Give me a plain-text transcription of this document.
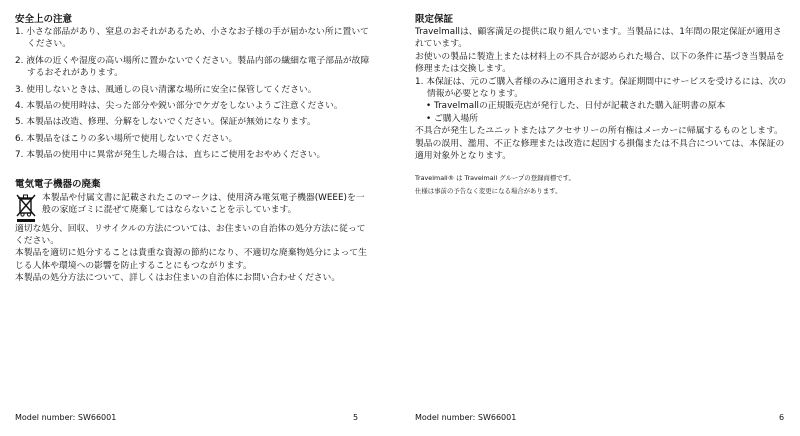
安全上の注意

1. 小さな部品があり、窒息のおそれがあるため、小さなお子様の手が届かない所に置いてください。

2. 液体の近くや湿度の高い場所に置かないでください。製品内部の繊細な電子部品が故障するおそれがあります。

3. 使用しないときは、風通しの良い清潔な場所に安全に保管してください。

4. 本製品の使用時は、尖った部分や鋭い部分でケガをしないようご注意ください。

5. 本製品は改造、修理、分解をしないでください。保証が無効になります。

6. 本製品をほこりの多い場所で使用しないでください。

7. 本製品の使用中に異常が発生した場合は、直ちにご使用をおやめください。

電気電子機器の廃棄

本製品や付属文書に記載されたこのマークは、使用済み電気電子機器(WEEE)を一般の家庭ゴミに混ぜて廃棄してはならないことを示しています。

適切な処分、回収、リサイクルの方法については、お住まいの自治体の処分方法に従ってください。

本製品を適切に処分することは貴重な資源の節約になり、不適切な廃棄物処分によって生じる人体や環境への影響を防止することにもつながります。

本製品の処分方法について、詳しくはお住まいの自治体にお問い合わせください。

Model number: SW66001	5
限定保証

Travelmallは、顧客満足の提供に取り組んでいます。当製品には、1年間の限定保証が適用されています。

お使いの製品に製造上または材料上の不具合が認められた場合、以下の条件に基づき当製品を修理または交換します。

1. 本保証は、元のご購入者様のみに適用されます。保証期間中にサービスを受けるには、次の情報が必要となります。

• Travelmallの正規販売店が発行した、日付が記載された購入証明書の原本

• ご購入場所

不具合が発生したユニットまたはアクセサリーの所有権はメーカーに帰属するものとします。

製品の誤用、濫用、不正な修理または改造に起因する損傷または不具合については、本保証の適用対象外となります。

Travelmall® は Travelmall グループの登録商標です。

仕様は事前の予告なく変更になる場合があります。

Model number: SW66001	6
